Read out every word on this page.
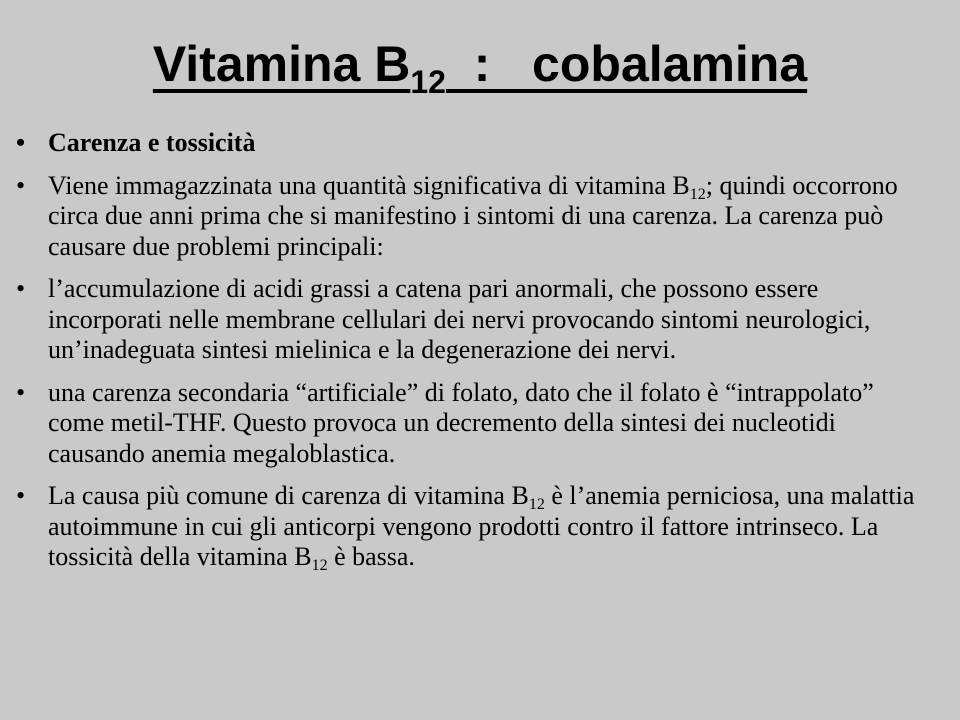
Vitamina $B_{12}$  :   cobalamina
• Carenza e tossicità
• Viene immagazzinata una quantità significativa di vitamina $B_{12}$; quindi occorrono circa due anni prima che si manifestino i sintomi di una carenza. La carenza può causare due problemi principali:
• l’accumulazione di acidi grassi a catena pari anormali, che possono essere incorporati nelle membrane cellulari dei nervi provocando sintomi neurologici, un’inadeguata sintesi mielinica e la degenerazione dei nervi.
• una carenza secondaria “artificiale” di folato, dato che il folato è “intrappolato” come metil-THF. Questo provoca un decremento della sintesi dei nucleotidi causando anemia megaloblastica.
• La causa più comune di carenza di vitamina $B_{12}$ è l’anemia perniciosa, una malattia autoimmune in cui gli anticorpi vengono prodotti contro il fattore intrinseco. La tossicità della vitamina $B_{12}$ è bassa.
